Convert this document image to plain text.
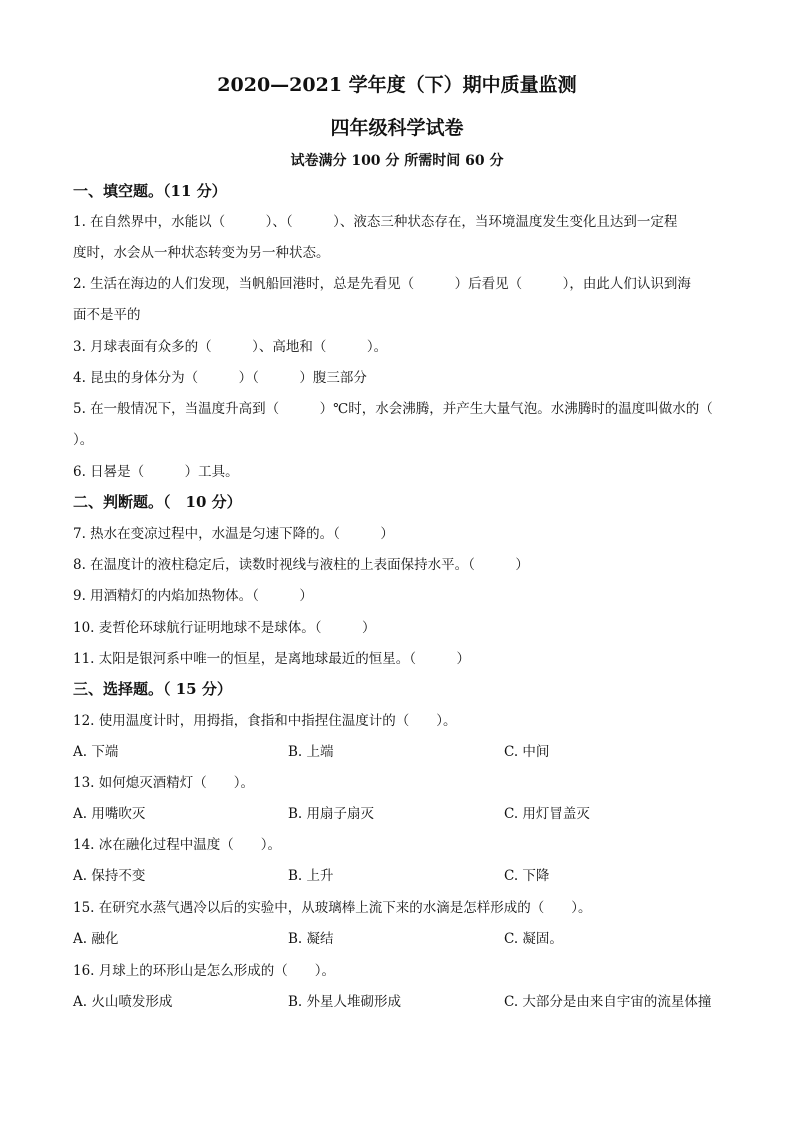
2020—2021 学年度（下）期中质量监测
四年级科学试卷
试卷满分 100 分 所需时间 60 分
一、填空题。（11 分）
1. 在自然界中，水能以（　　　）、（　　　）、液态三种状态存在，当环境温度发生变化且达到一定程
度时，水会从一种状态转变为另一种状态。
2. 生活在海边的人们发现，当帆船回港时，总是先看见（　　　）后看见（　　　），由此人们认识到海
面不是平的
3. 月球表面有众多的（　　　）、高地和（　　　）。
4. 昆虫的身体分为（　　　）（　　　）腹三部分
5. 在一般情况下，当温度升高到（　　　）℃时，水会沸腾，并产生大量气泡。水沸腾时的温度叫做水的（
）。
6. 日晷是（　　　）工具。
二、判断题。（　10 分）
7. 热水在变凉过程中，水温是匀速下降的。（　　　）
8. 在温度计的液柱稳定后，读数时视线与液柱的上表面保持水平。（　　　）
9. 用酒精灯的内焰加热物体。（　　　）
10. 麦哲伦环球航行证明地球不是球体。（　　　）
11. 太阳是银河系中唯一的恒星，是离地球最近的恒星。（　　　）
三、选择题。（ 15 分）
12. 使用温度计时，用拇指，食指和中指捏住温度计的（　　）。
A. 下端	B. 上端	C. 中间
13. 如何熄灭酒精灯（　　）。
A. 用嘴吹灭	B. 用扇子扇灭	C. 用灯冒盖灭
14. 冰在融化过程中温度（　　）。
A. 保持不变	B. 上升	C. 下降
15. 在研究水蒸气遇冷以后的实验中，从玻璃棒上流下来的水滴是怎样形成的（　　）。
A. 融化	B. 凝结	C. 凝固。
16. 月球上的环形山是怎么形成的（　　）。
A. 火山喷发形成	B. 外星人堆砌形成	C. 大部分是由来自宇宙的流星体撞
